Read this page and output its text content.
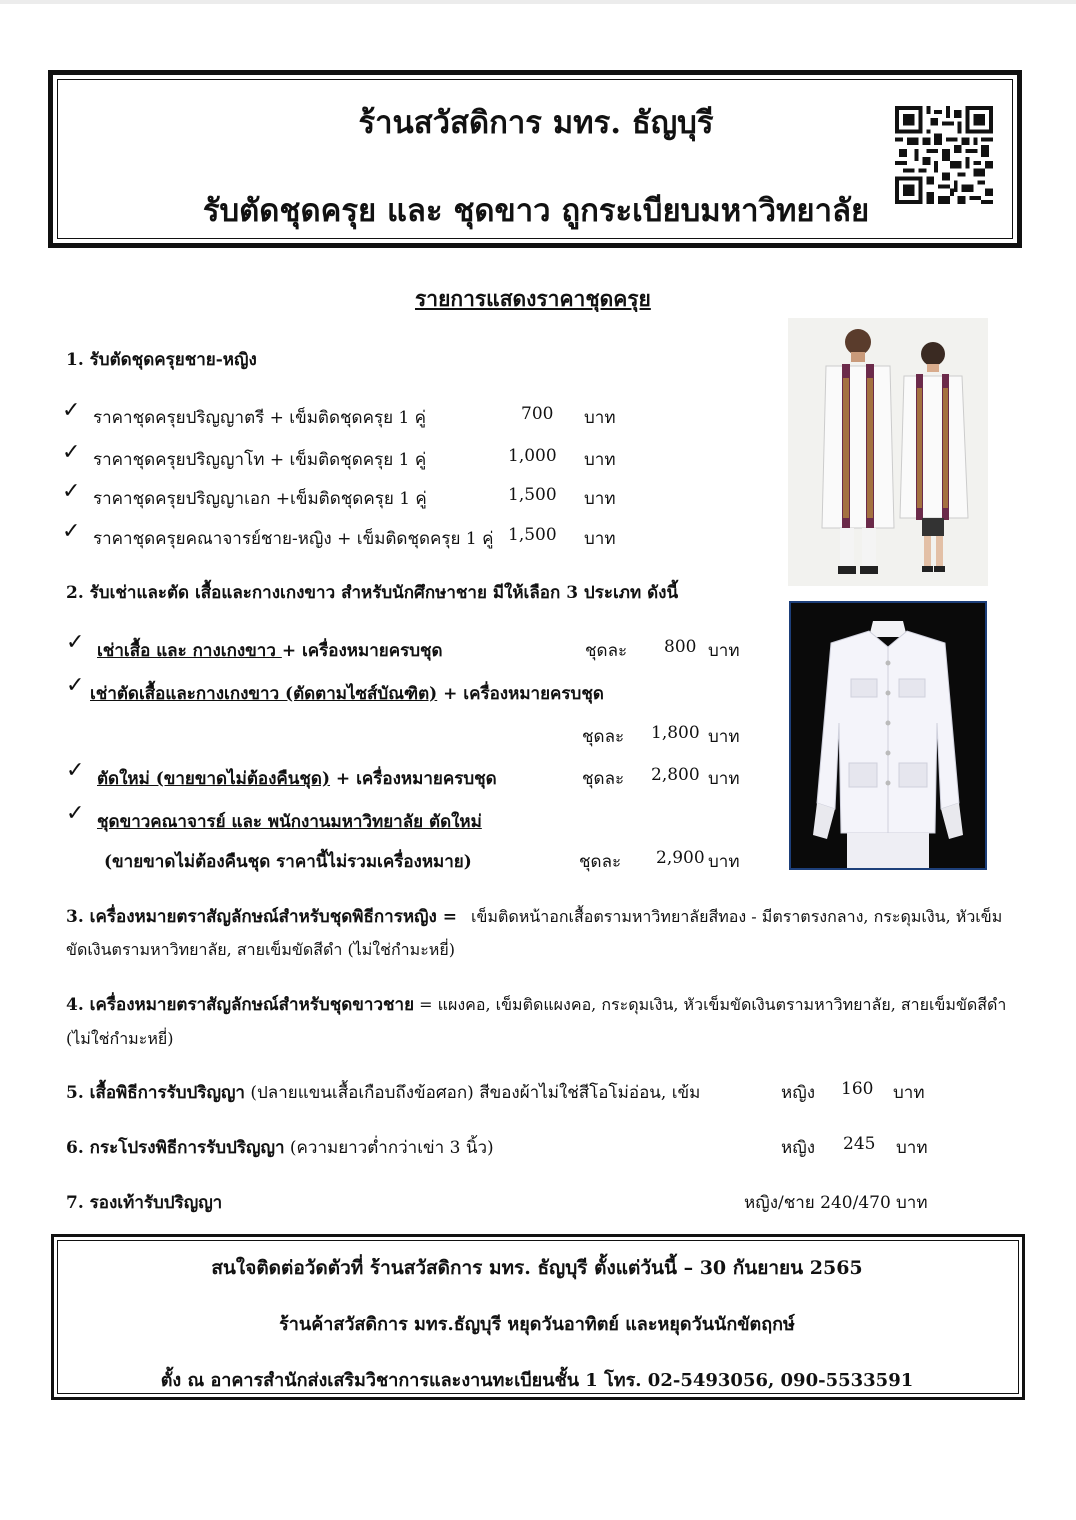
ร้านสวัสดิการ มทร. ธัญบุรี
รับตัดชุดครุย และ ชุดขาว ถูกระเบียบมหาวิทยาลัย
รายการแสดงราคาชุดครุย
1. รับตัดชุดครุยชาย-หญิง
✓ ราคาชุดครุยปริญญาตรี + เข็มติดชุดครุย 1 คู่	700 บาท
✓ ราคาชุดครุยปริญญาโท + เข็มติดชุดครุย 1 คู่	1,000 บาท
✓ ราคาชุดครุยปริญญาเอก +เข็มติดชุดครุย 1 คู่	1,500 บาท
✓ ราคาชุดครุยคณาจารย์ชาย-หญิง + เข็มติดชุดครุย 1 คู่ 1,500 บาท
2. รับเช่าและตัด เสื้อและกางเกงขาว สำหรับนักศึกษาชาย มีให้เลือก 3 ประเภท ดังนี้
✓ เช่าเสื้อ และ กางเกงขาว + เครื่องหมายครบชุด	ชุดละ 800 บาท
✓ เช่าตัดเสื้อและกางเกงขาว (ตัดตามไซส์บัณฑิต) + เครื่องหมายครบชุด
ชุดละ 1,800 บาท
✓ ตัดใหม่ (ขายขาดไม่ต้องคืนชุด) + เครื่องหมายครบชุด	ชุดละ 2,800 บาท
✓ ชุดขาวคณาจารย์ และ พนักงานมหาวิทยาลัย ตัดใหม่
(ขายขาดไม่ต้องคืนชุด ราคานี้ไม่รวมเครื่องหมาย)	ชุดละ 2,900 บาท
3. เครื่องหมายตราสัญลักษณ์สำหรับชุดพิธีการหญิง = เข็มติดหน้าอกเสื้อตรามหาวิทยาลัยสีทอง - มีตราตรงกลาง, กระดุมเงิน, หัวเข็ม
ขัดเงินตรามหาวิทยาลัย, สายเข็มขัดสีดำ (ไม่ใช่กำมะหยี่)
4. เครื่องหมายตราสัญลักษณ์สำหรับชุดขาวชาย = แผงคอ, เข็มติดแผงคอ, กระดุมเงิน, หัวเข็มขัดเงินตรามหาวิทยาลัย, สายเข็มขัดสีดำ
(ไม่ใช่กำมะหยี่)
5. เสื้อพิธีการรับปริญญา (ปลายแขนเสื้อเกือบถึงข้อศอก) สีของผ้าไม่ใช่สีโอโม่อ่อน, เข้ม	หญิง 160 บาท
6. กระโปรงพิธีการรับปริญญา (ความยาวต่ำกว่าเข่า 3 นิ้ว)	หญิง 245 บาท
7. รองเท้ารับปริญญา	หญิง/ชาย 240/470 บาท
สนใจติดต่อวัดตัวที่ ร้านสวัสดิการ มทร. ธัญบุรี ตั้งแต่วันนี้ – 30 กันยายน 2565
ร้านค้าสวัสดิการ มทร.ธัญบุรี หยุดวันอาทิตย์ และหยุดวันนักขัตฤกษ์
ตั้ง ณ อาคารสำนักส่งเสริมวิชาการและงานทะเบียนชั้น 1 โทร. 02-5493056, 090-5533591
